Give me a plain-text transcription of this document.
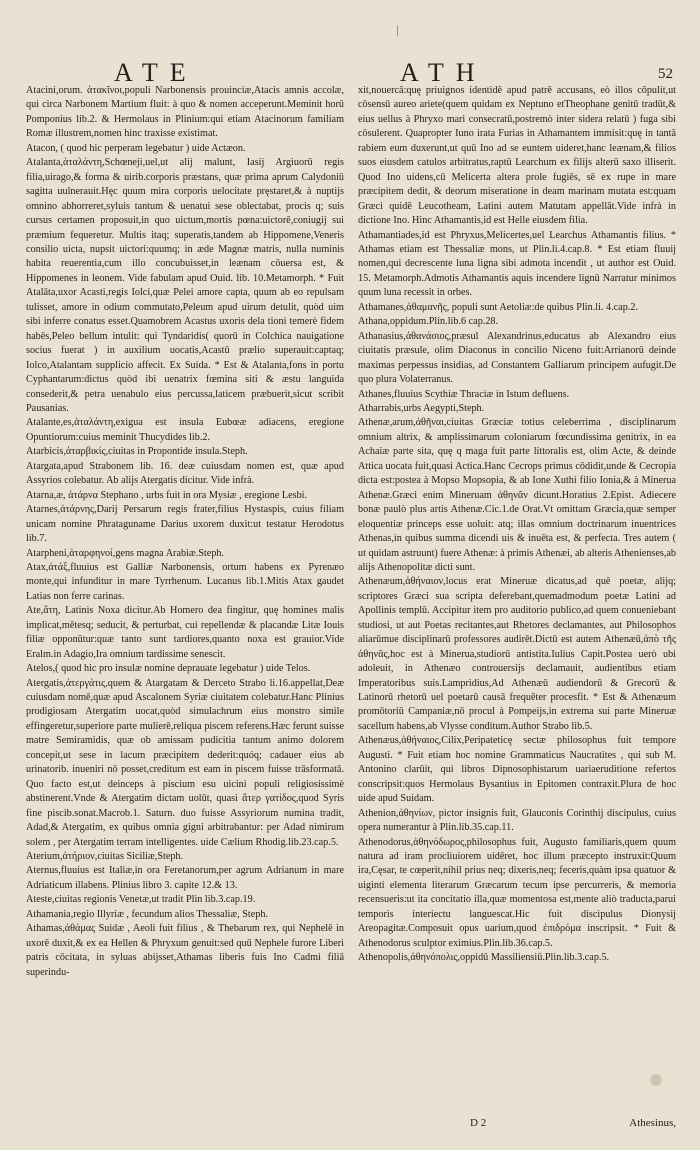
|
ATE	ATH	52

Atacini,orum. ἀτακῖνοι,populi Narbonensis prouinciæ,Atacis amnis accolæ, qui circa Narbonem Martium fluit: à quo & nomen acceperunt.Meminit horū Pomponius lib.2. & Hermolaus in Plinium:qui etiam Atacinorum familiam Romæ illustrem,nomen hinc traxisse existimat.

Atacon, ( quod hic perperam legebatur ) uide Actæon.

Atalanta,ἀταλάντη,Schœneji,uel,ut alij malunt, Iasij Argiuorū regis filia,uirago,& forma & uirib.corporis præstans, quæ prima aprum Calydoniū sagitta uulnerauit.Hęc quum mira corporis uelocitate pręstaret,& à nuptijs omnino abhorreret,syluis tantum & uenatui sese oblectabat, procis q; suis cursus certamen proposuit,in quo uictum,mortis pœna:uictorē,coniugij sui præmium fequeretur. Multis itaq; superatis,tandem ab Hippomene,Veneris consilio uicta, nupsit uictori:quumq; in æde Magnæ matris, nulla numinis habita reuerentia,cum illo concubuisset,in leænam cōuersa est, & Hippomenes in leonem. Vide fabulam apud Ouid. lib. 10.Metamorph. * Fuit Atalāta,uxor Acasti,regis Iolci,quæ Pelei amore capta, quum ab eo repulsam tulisset, amore in odium commutato,Peleum apud uirum detulit, quòd uim sibi inferre conatus esset.Quamobrem Acastus uxoris dela tioni temerè fidem habēs,Peleo bellum intulit: qui Tyndaridis( quorū in Colchica nauigatione socius fuerat ) in auxilium uocatis,Acastū prælio superauit:captaq; Iolco,Atalantam supplicio affecit. Ex Suida. * Est & Atalanta,fons in portu Cyphantarum:dictus quòd ibi uenatrix fœmina siti & æstu languida consederit,& petra uenabulo eius percussa,laticem præbuerit,sicut scribit Pausanias.

Atalante,es,ἀταλάντη,exigua est insula Eubœæ adiacens, eregione Opuntiorum:cuius meminit Thucydides lib.2.

Atarbicis,ἀταρβικίς,ciuitas in Propontide insula.Steph.

Atargata,apud Strabonem lib. 16. deæ cuiusdam nomen est, quæ apud Assyrios colebatur. Ab alijs Atergatis dicitur. Vide infrà.

Atarna,æ, ἀτάρνα Stephano , urbs fuit in ora Mysiæ , eregione Lesbi.

Atarnes,ἀτάρνης,Darij Persarum regis frater,filius Hystaspis, cuius filiam unicam nomine Phrataguname Darius uxorem duxit:ut testatur Herodotus lib.7.

Atarpheni,ἀταρφηνοί,gens magna Arabiæ.Steph.

Atax,ἀτάξ,fluuius est Galliæ Narbonensis, ortum habens ex Pyrenæo monte,qui infunditur in mare Tyrrhenum. Lucanus lib.1.Mitis Atax gaudet Latias non ferre carinas.

Ate,ἄτη, Latinis Noxa dicitur.Ab Homero dea fingitur, quę homines malis implicat,mētesq; seducit, & perturbat, cui repellendæ & placandæ Litæ Iouis filiæ opponūtur:quæ tanto sunt tardiores,quanto noxa est grauior.Vide Eralm.in Adagio,Ira omnium tardissime senescit.

Atelos,( quod hic pro insulæ nomine deprauate legebatur ) uide Telos.

Atergatis,ἀτεργάτις,quem & Atargatam & Derceto Strabo li.16.appellat,Deæ cuiusdam nomē,quæ apud Ascalonem Syriæ ciuitatem colebatur.Hanc Plinius prodigiosam Atergatim uocat,quòd simulachrum eius monstro simile effingeretur,superiore parte mulierē,reliqua piscem referens.Hæc ferunt suisse matre Semiramidis, quæ ob amissam pudicitia tantum animo dolorem concepit,ut sese in lacum præcipitem dederit:quóq; cadauer eius ab urinatorib. inueniri nō posset,creditum est eam in piscem fuisse trāsformatā. Quo facto est,ut deinceps à piscium esu uicini populi religiosissimè abstinerent.Vnde & Atergatim dictam uolūt, quasi ἄτερ γατίδος,quod Syris fine piscib.sonat.Macrob.1. Saturn. duo fuisse Assyriorum numina tradit, Adad,& Atergatim, ex quibus omnia gigni arbitrabantur: per Adad nimirum solem , per Atergatim terram intelligentes. uide Cælium Rhodig.lib.23.cap.5.

Aterium,ἀτήριον,ciuitas Siciliæ,Steph.

Aternus,fluuius est Italiæ,in ora Feretanorum,per agrum Adrianum in mare Adriaticum illabens. Plinius libro 3. capite 12.& 13.

Ateste,ciuitas regionis Venetæ,ut tradit Plin lib.3.cap.19.

Athamania,regio Illyriæ , fecundum alios Thessaliæ, Steph.

Athamas,ἀθάμας Suidæ , Aeoli fuit filius , & Thebarum rex, qui Nephelē in uxorē duxit,& ex ea Hellen & Phryxum genuit:sed quū Nephele furore Liberi patris cōcitata, in syluas abijsset,Athamas liberis fuis Ino Cadmi filiā superindu-

xit,nouercā:quę priuignos identidē apud patrē accusans, eò illos cōpulit,ut cōsensū aureo ariete(quem quidam ex Neptuno etTheophane genitū tradūt,& eius uellus à Phryxo mari consecratū,postremò inter sidera relatū ) fuga sibi cōsulerent. Quapropter Iuno irata Furias in Athamantem immisit:quę in tantā rabiem eum duxerunt,ut quū Ino ad se euntem uideret,hanc leænam,& filios suos eiusdem catulos arbitratus,raptū Learchum ex filijs alterū saxo illiserit. Quod Ino uidens,cū Melicerta altera prole fugiēs, sē ex rupe in mare præcipitem dedit, & deorum miseratione in deam marinam mutata est:quam Græci quidē Leucotheam, Latini autem Matutam appellāt.Vide infrà in dictione Ino. Hinc Athamantis,id est Helle eiusdem filia.

Athamantiades,id est Phryxus,Melicertes,uel Learchus Athamantis filius. * Athamas etiam est Thessaliæ mons, ut Plin.li.4.cap.8. * Est etiam fluuij nomen,qui decrescente luna ligna sibi admota incendit , ut author est Ouid. 15. Metamorph.Admotis Athamantis aquis incendere lignū Narratur minimos quum luna recessit in orbes.

Athamanes,ἀθαμανῆς, populi sunt Aetoliæ:de quibus Plin.li. 4.cap.2.

Athana,oppidum.Plin.lib.6 cap.28.

Athanasius,ἀθανάσιος,præsul Alexandrinus,educatus ab Alexandro eius ciuitatis præsule, olim Diaconus in concilio Niceno fuit:Arrianorū deinde maximas perpessus insidias, ad Constantem Galliarum principem aufugit.De quo plura Volaterranus.

Athanes,fluuius Scythiæ Thraciæ in Istum defluens.

Atharrabis,urbs Aegypti,Steph.

Athenæ,arum,ἀθῆναι,ciuitas Græciæ totius celeberrima , disciplinarum omnium altrix, & amplissimarum coloniarum fœcundissima genitrix, in ea Achaiæ parte sita, quę q maga fuit parte littoralis est, olim Acte, & deinde Attica uocata fuit,quasi Actica.Hanc Cecrops primus cōdidit,unde & Cecropia dicta est:postea à Mopso Mopsopia, & ab Ione Xuthi filio Ionia,& à Minerua Athenæ.Græci enim Mineruam ἀθηνᾶν dicunt.Horatius 2.Epist. Adiecere bonæ paulò plus artis Athenæ.Cic.1.de Orat.Vt omittam Græcia,quæ semper eloquentiæ princeps esse uoluit: atq; illas omnium doctrinarum inuentrices Athenas,in quibus summa dicendi uis & inuēta est, & perfecta. Tres autem ( ut quidam astruunt) fuere Athenæ: à primis Athenæi, ab alteris Athenienses,ab alijs Athenopolitæ dicti sunt.

Athenæum,ἀθήναιον,locus erat Mineruæ dicatus,ad quē poetæ, alijq; scriptores Græci sua scripta deferebant,quemadmodum poetæ Latini ad Apollinis templū. Accipitur item pro auditorio publico,ad quem conueniebant studiosi, ut aut Poetas recitantes,aut Rhetores declamantes, aut Philosophos aliarūmue disciplinarū professores audirēt.Dictū est autem Athenæū,ἀπὸ τῆς ἀθηνᾶς,hoc est à Minerua,studiorū antistita.Iulius Capit.Postea uerò ubi adoleuit, in Athenæo controuersijs declamauit, audientibus etiam Imperatoribus suis.Lampridius,Ad Athenæū audiendorū & Grecorū & Latinorū rhetorū uel poetarū causā frequēter procesfit. * Est & Athenæum promōtoriū Campaniæ,nō procul à Pompeijs,in extrema sui parte Mineruæ sacellum habens,ab Vlysse conditum.Author Strabo lib.5.

Athenæus,ἀθήναιος,Cilix,Peripateticę sectæ philosophus fuit tempore Augusti. * Fuit etiam hoc nomine Grammaticus Naucratites , qui sub M. Antonino clarūit, qui libros Dipnosophistarum uariaeruditione refertos conscripsit:quos Hermolaus Bysantius in Epitomen contraxit.Plura de hoc uide apud Suidam.

Athenion,ἀθηνίων, pictor insignis fuit, Glauconis Corinthij discipulus, cuius opera numerantur à Plin.lib.35.cap.11.

Athenodorus,ἀθηνόδωρος,philosophus fuit, Augusto familiaris,quem quum natura ad iram procliuiorem uidēret, hoc illum præcepto instruxit:Quum ira,Cęsar, te cœperit,nihil prius neq; dixeris,neq; feceris,quàm ipsa quatuor & uiginti elementa literarum Græcarum tecum ipse percurreris, & memoria recensueris:ut ita concitatio illa,quæ momentosa est,mente aliò traducta,parui temporis interiectu languescat.Hic fuit discipulus Dionysij Areopagitæ.Composuit opus uarium,quod ἐπιδρόμα inscripsit. * Fuit & Athenodorus sculptor eximius.Plin.lib.36.cap.5.

Athenopolis,ἀθηνόπολις,oppidū Massiliensiū.Plin.lib.3.cap.5.

D 2	Athesinus,
